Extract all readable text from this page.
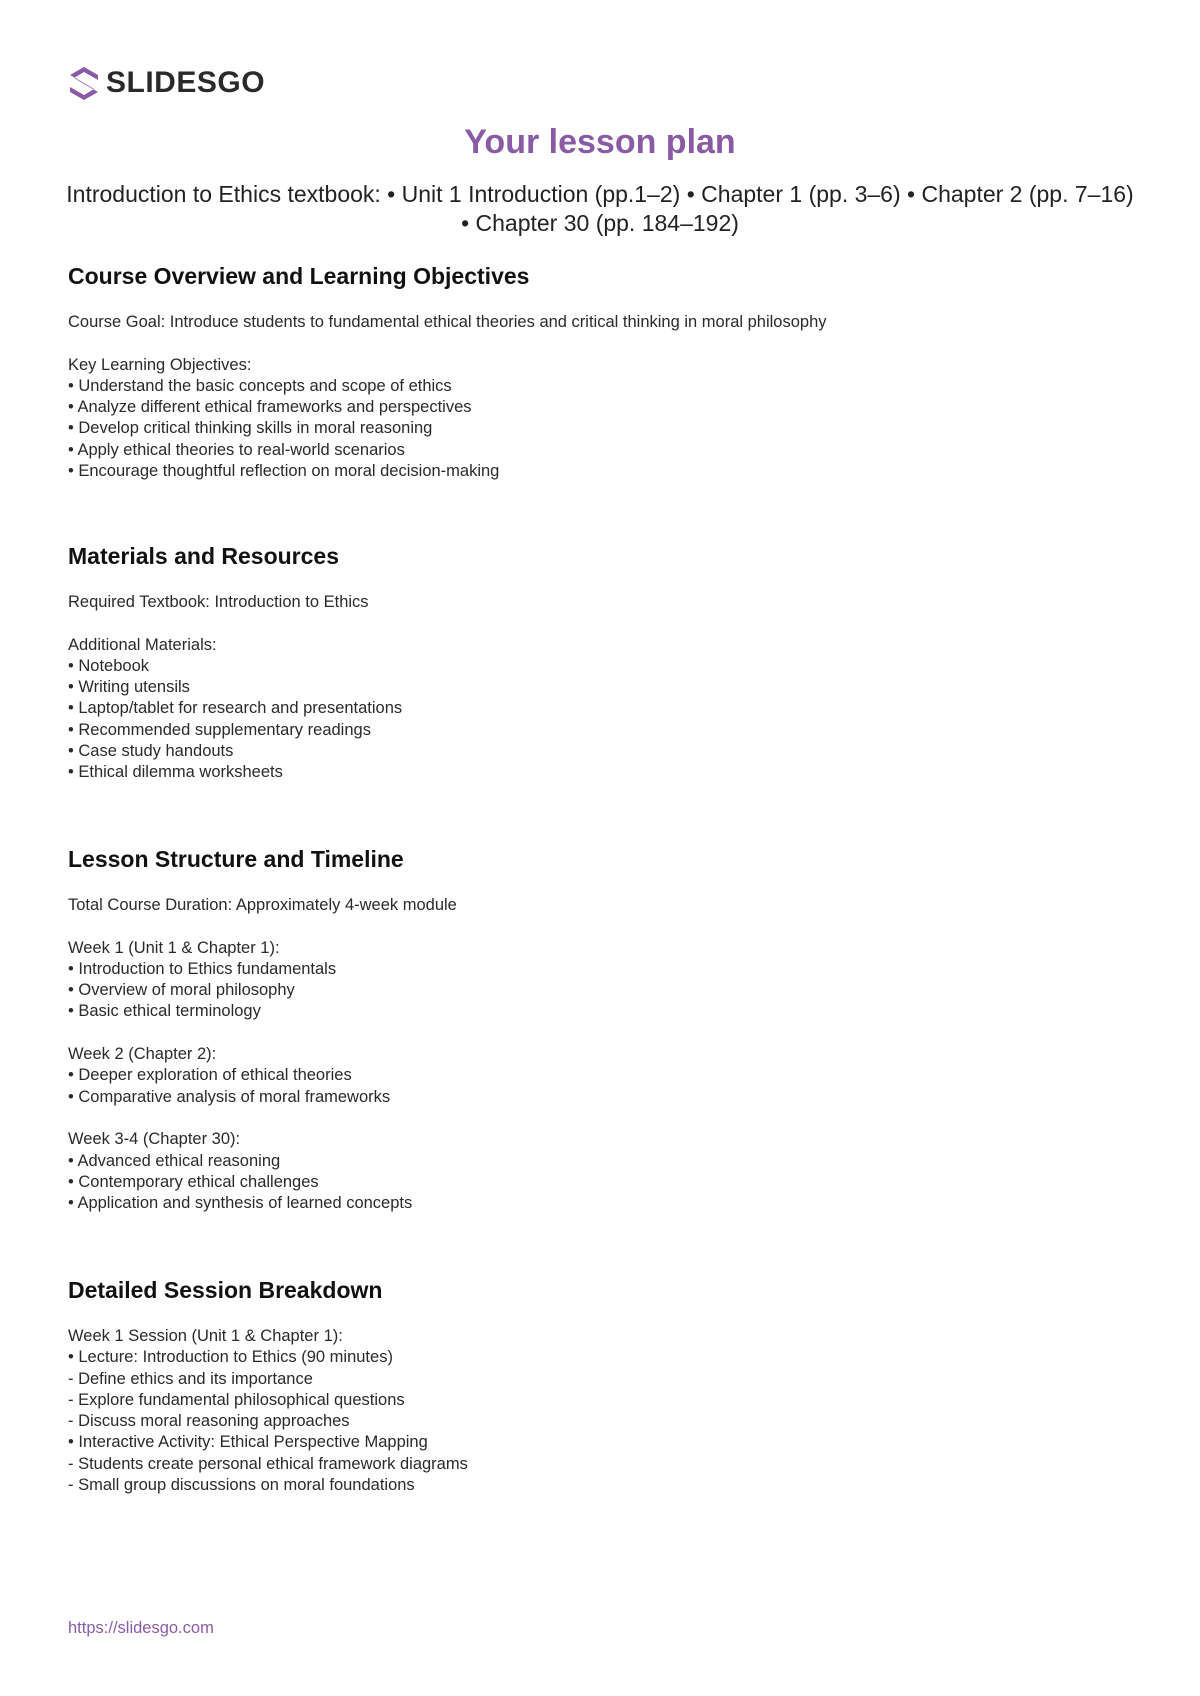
SLIDESGO
Your lesson plan

Introduction to Ethics textbook: • Unit 1 Introduction (pp.1–2) • Chapter 1 (pp. 3–6) • Chapter 2 (pp. 7–16) • Chapter 30 (pp. 184–192)

Course Overview and Learning Objectives
Course Goal: Introduce students to fundamental ethical theories and critical thinking in moral philosophy
Key Learning Objectives:
• Understand the basic concepts and scope of ethics
• Analyze different ethical frameworks and perspectives
• Develop critical thinking skills in moral reasoning
• Apply ethical theories to real-world scenarios
• Encourage thoughtful reflection on moral decision-making
Materials and Resources
Required Textbook: Introduction to Ethics
Additional Materials:
• Notebook
• Writing utensils
• Laptop/tablet for research and presentations
• Recommended supplementary readings
• Case study handouts
• Ethical dilemma worksheets
Lesson Structure and Timeline
Total Course Duration: Approximately 4-week module
Week 1 (Unit 1 & Chapter 1):
• Introduction to Ethics fundamentals
• Overview of moral philosophy
• Basic ethical terminology
Week 2 (Chapter 2):
• Deeper exploration of ethical theories
• Comparative analysis of moral frameworks
Week 3-4 (Chapter 30):
• Advanced ethical reasoning
• Contemporary ethical challenges
• Application and synthesis of learned concepts
Detailed Session Breakdown
Week 1 Session (Unit 1 & Chapter 1):
• Lecture: Introduction to Ethics (90 minutes)
- Define ethics and its importance
- Explore fundamental philosophical questions
- Discuss moral reasoning approaches
• Interactive Activity: Ethical Perspective Mapping
- Students create personal ethical framework diagrams
- Small group discussions on moral foundations
https://slidesgo.com
